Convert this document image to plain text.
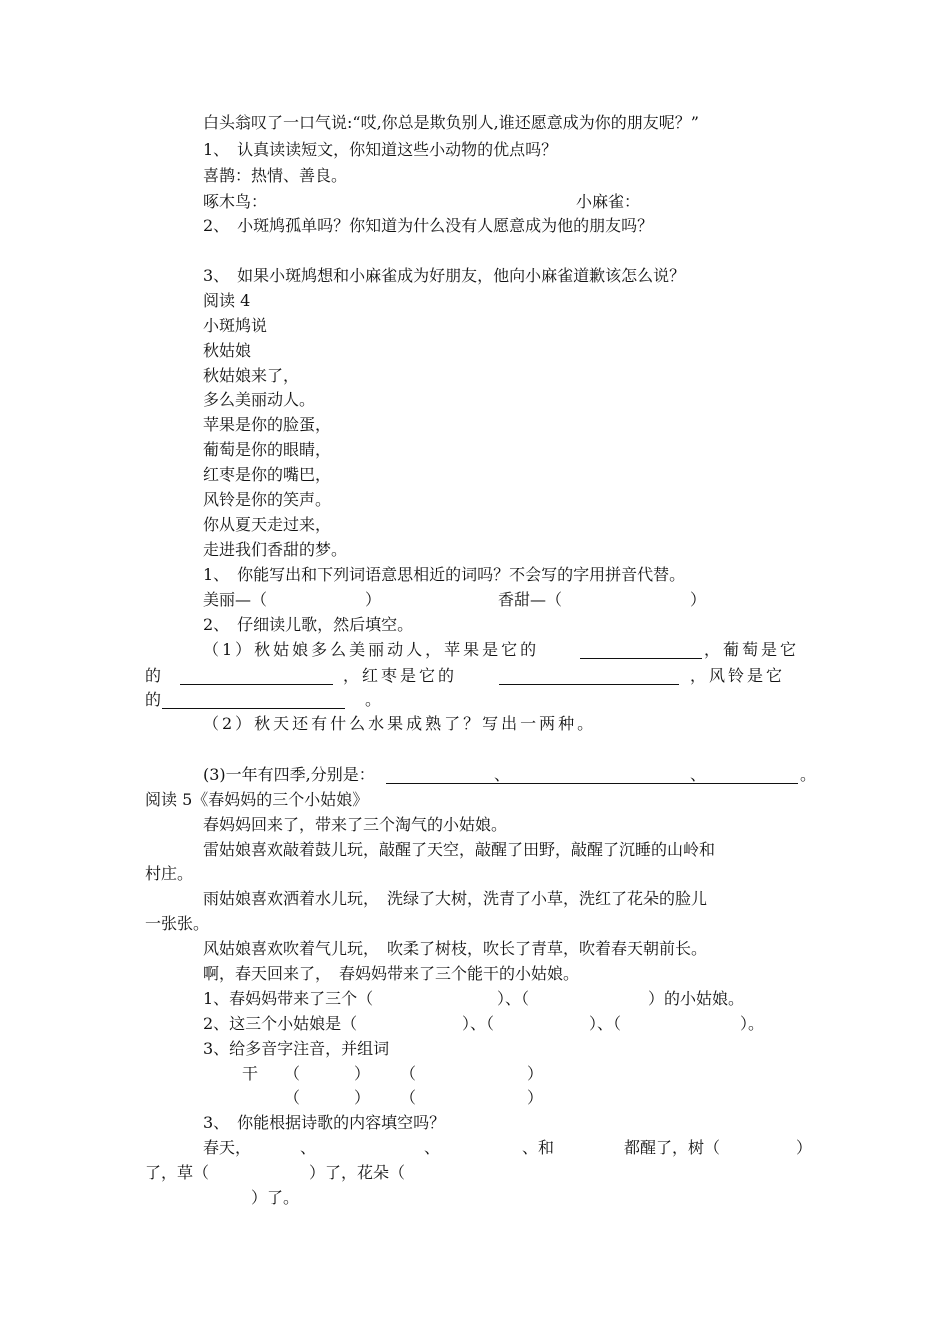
白头翁叹了一口气说:“哎,你总是欺负别人,谁还愿意成为你的朋友呢？”
1、　认真读读短文，你知道这些小动物的优点吗？
喜鹊：热情、善良。
啄木鸟：	小麻雀：
2、　小斑鸠孤单吗？你知道为什么没有人愿意成为他的朋友吗？
3、　如果小斑鸠想和小麻雀成为好朋友，他向小麻雀道歉该怎么说？
阅读 4
小斑鸠说
秋姑娘
秋姑娘来了，
多么美丽动人。
苹果是你的脸蛋，
葡萄是你的眼睛，
红枣是你的嘴巴，
风铃是你的笑声。
你从夏天走过来，
走进我们香甜的梦。
1、　你能写出和下列词语意思相近的词吗？不会写的字用拼音代替。
美丽—（	）	香甜—（	）
2、　仔细读儿歌，然后填空。
（1）秋姑娘多么美丽动人，苹果是它的	，葡萄是它
的	，红枣是它的	，风铃是它
的	。
（2）秋天还有什么水果成熟了？写出一两种。
(3)一年有四季,分别是：	、	、	。
阅读 5《春妈妈的三个小姑娘》
春妈妈回来了，带来了三个淘气的小姑娘。
雷姑娘喜欢敲着鼓儿玩，敲醒了天空，敲醒了田野，敲醒了沉睡的山岭和
村庄。
雨姑娘喜欢洒着水儿玩，　洗绿了大树，洗青了小草，洗红了花朵的脸儿
一张张。
风姑娘喜欢吹着气儿玩，　吹柔了树枝，吹长了青草，吹着春天朝前长。
啊，春天回来了，　春妈妈带来了三个能干的小姑娘。
1、春妈妈带来了三个（	）、（	）的小姑娘。
2、这三个小姑娘是（	）、（	）、（	）。
3、给多音字注音，并组词
干 （	） （	）
（	） （	）
3、　你能根据诗歌的内容填空吗？
春天，	、	、	、和	都醒了，树（	）
了，草（	）了，花朵（
）了。
